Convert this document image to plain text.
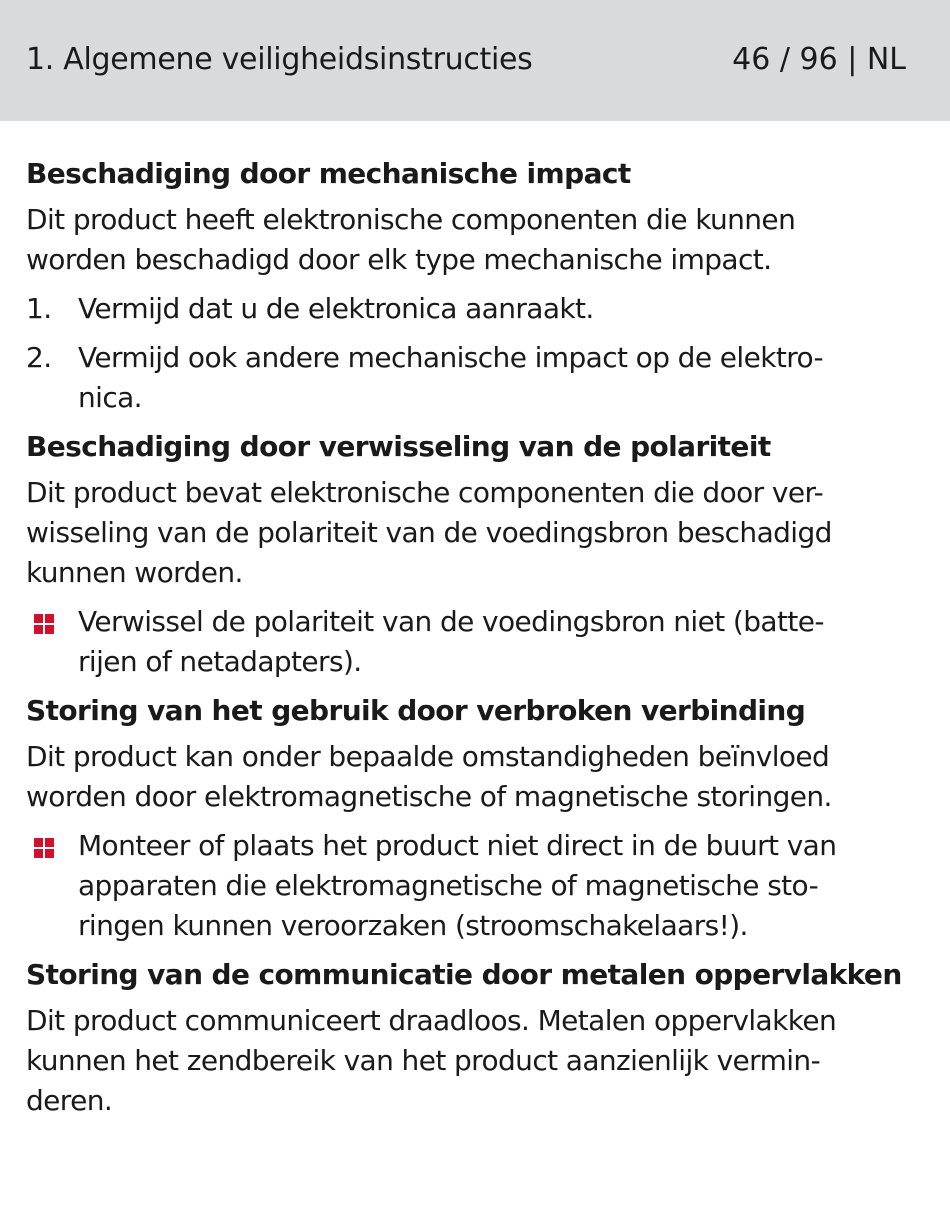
1. Algemene veiligheidsinstructies	46 / 96 | NL
Beschadiging door mechanische impact

Dit product heeft elektronische componenten die kunnen
worden beschadigd door elk type mechanische impact.

1. Vermijd dat u de elektronica aanraakt.
2. Vermijd ook andere mechanische impact op de elektro-
nica.
Beschadiging door verwisseling van de polariteit

Dit product bevat elektronische componenten die door ver-
wisseling van de polariteit van de voedingsbron beschadigd
kunnen worden.

Verwissel de polariteit van de voedingsbron niet (batte-
rijen of netadapters).
Storing van het gebruik door verbroken verbinding

Dit product kan onder bepaalde omstandigheden beïnvloed
worden door elektromagnetische of magnetische storingen.

Monteer of plaats het product niet direct in de buurt van
apparaten die elektromagnetische of magnetische sto-
ringen kunnen veroorzaken (stroomschakelaars!).
Storing van de communicatie door metalen oppervlakken

Dit product communiceert draadloos. Metalen oppervlakken
kunnen het zendbereik van het product aanzienlijk vermin-
deren.
